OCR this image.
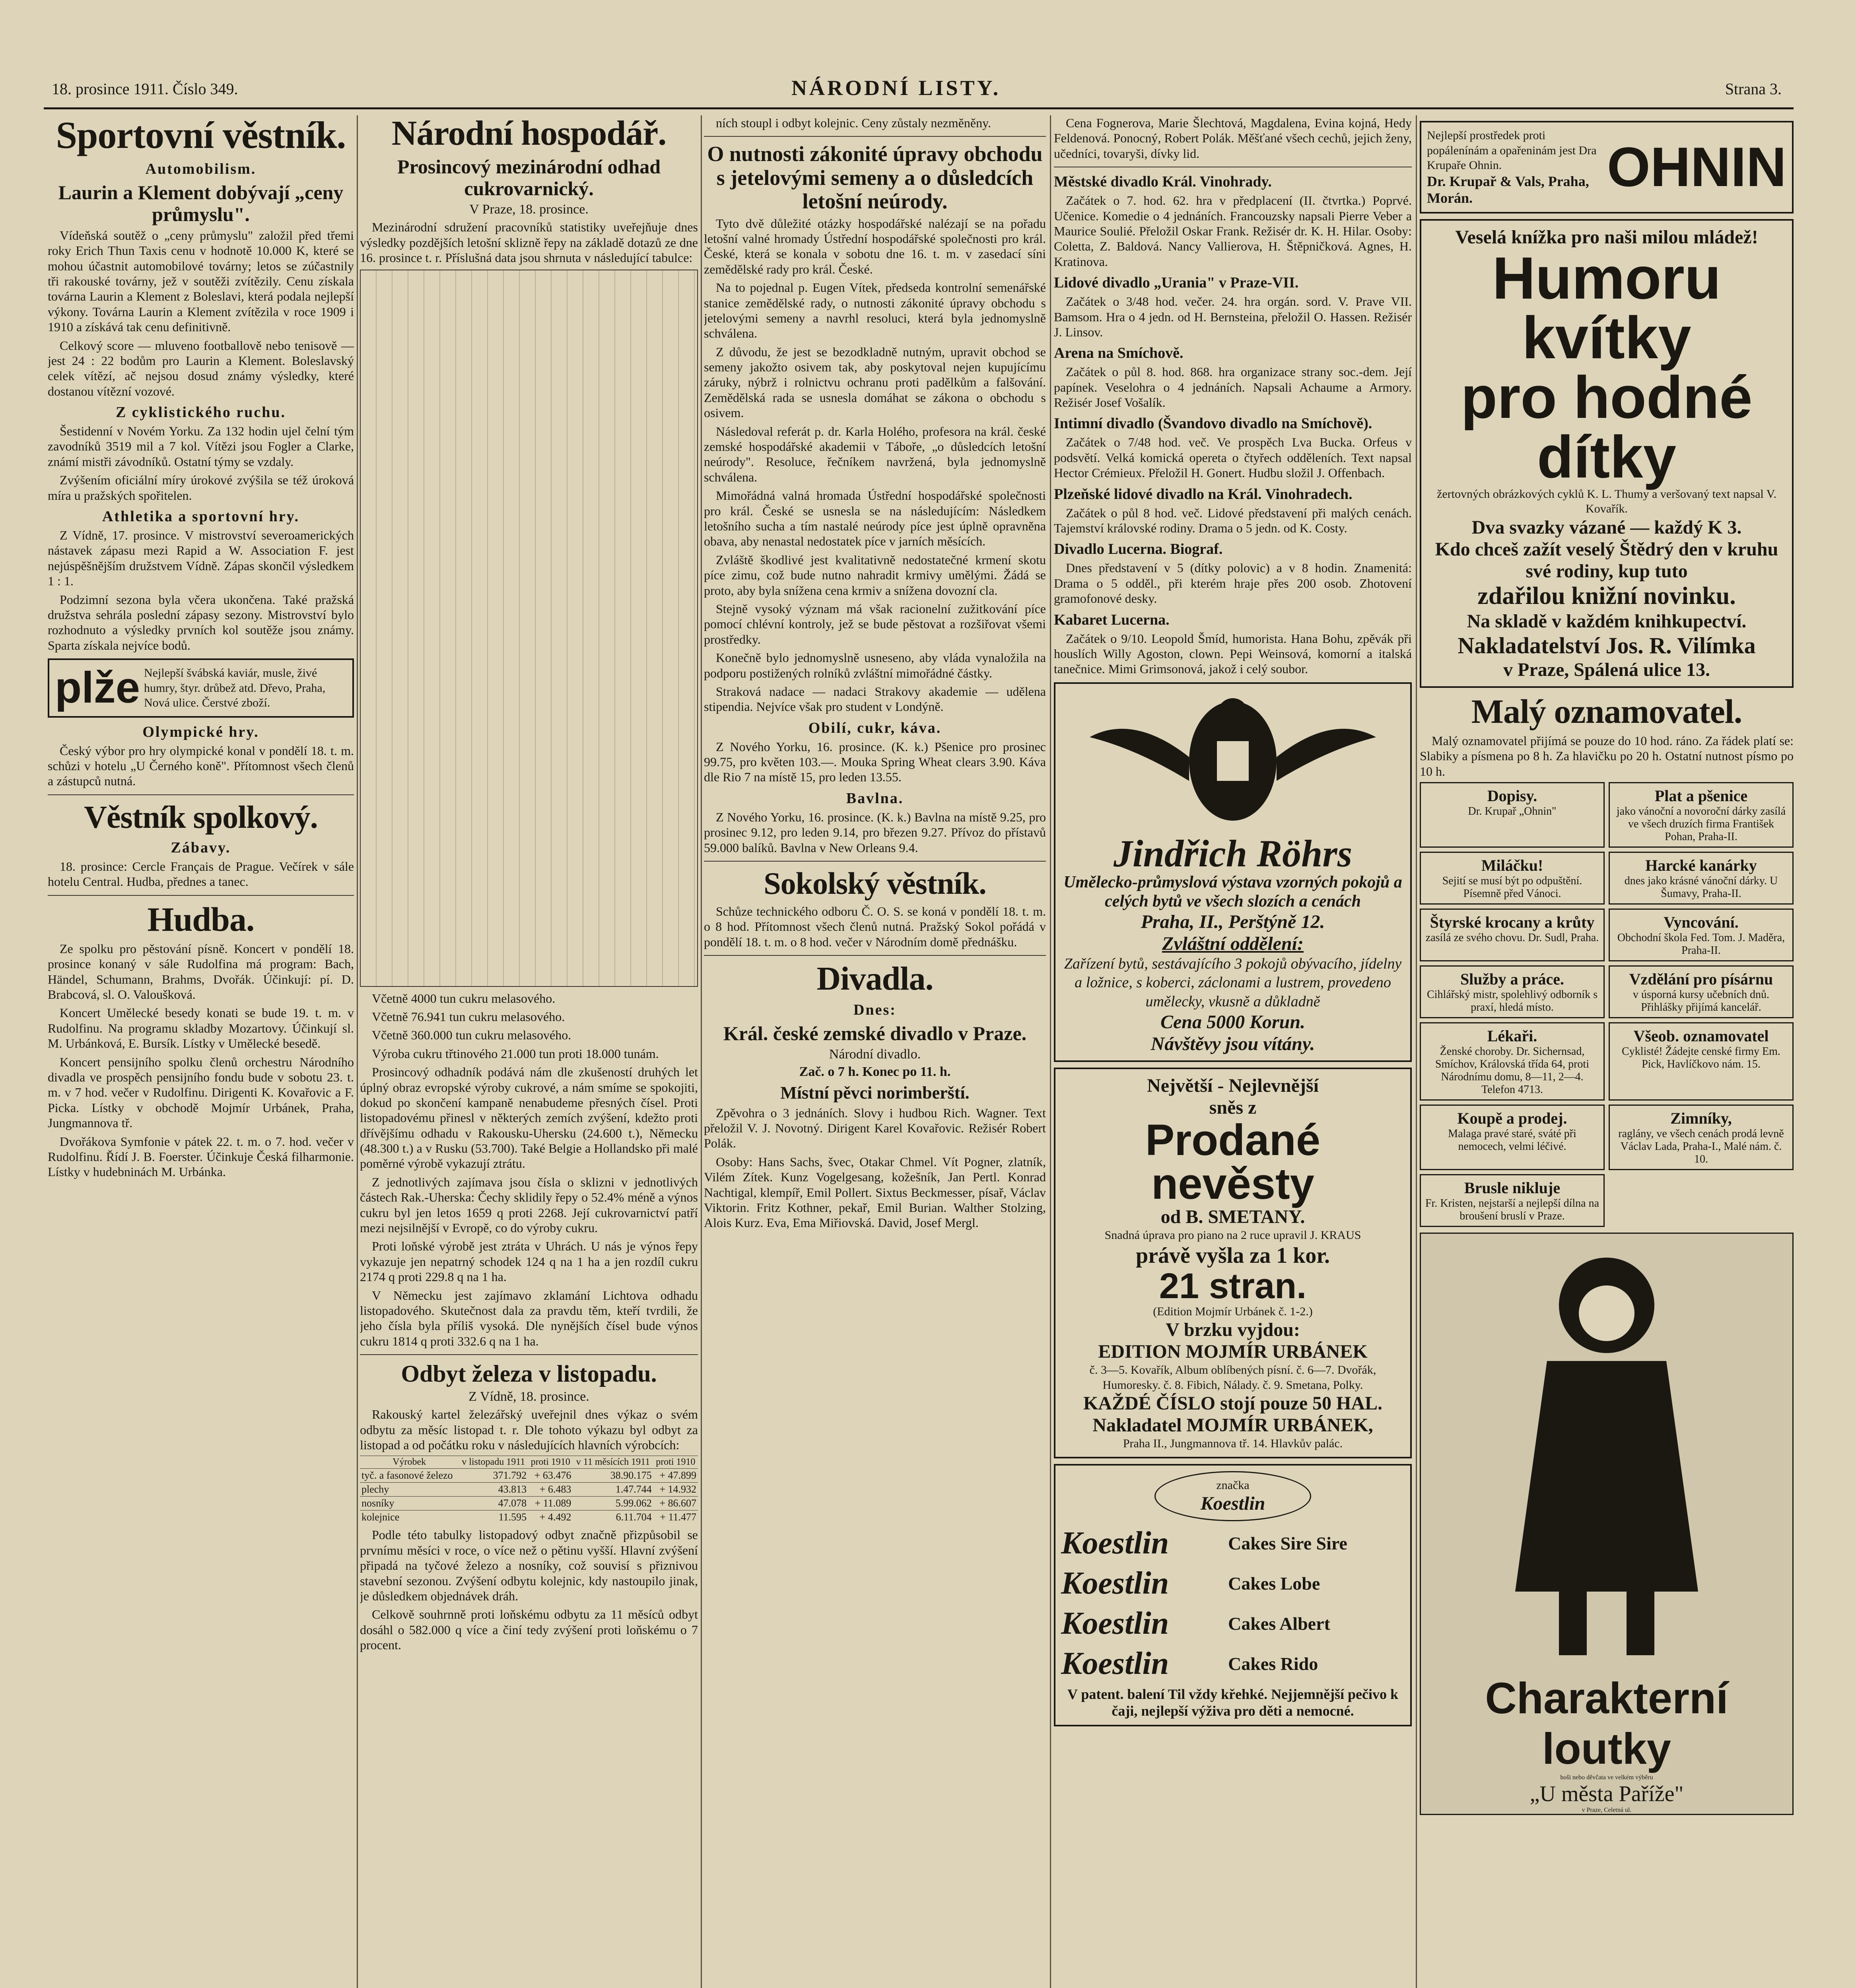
18. prosince 1911. Číslo 349.	NÁRODNÍ LISTY.	Strana 3.
Sportovní věstník.
Automobilism.
Laurin a Klement dobývají „ceny průmyslu".

Vídeňská soutěž o „ceny průmyslu" založil před třemi roky Erich Thun Taxis cenu v hodnotě 10.000 K, které se mohou účastnit automobilové továrny; letos se zúčastnily tři rakouské továrny, jež v soutěži zvítězily. Cenu získala továrna Laurin a Klement z Boleslavi, která podala nejlepší výkony. Továrna Laurin a Klement zvítězila v roce 1909 i 1910 a získává tak cenu definitivně.

Celkový score — mluveno footballově nebo tenisově — jest 24 : 22 bodům pro Laurin a Klement. Boleslavský celek vítězí, ač nejsou dosud známy výsledky, které dostanou vítězní vozové.

Z cyklistického ruchu.

Šestidenní v Novém Yorku. Za 132 hodin ujel čelní tým zavodníků 3519 mil a 7 kol. Vítězi jsou Fogler a Clarke, známí mistři závodníků. Ostatní týmy se vzdaly.

Zvýšením oficiální míry úrokové zvýšila se též úroková míra u pražských spořitelen.

Athletika a sportovní hry.

Z Vídně, 17. prosince. V mistrovství severoamerických nástavek zápasu mezi Rapid a W. Association F. jest nejúspěšnějším družstvem Vídně. Zápas skončil výsledkem 1 : 1.

Podzimní sezona byla včera ukončena. Také pražská družstva sehrála poslední zápasy sezony. Mistrovství bylo rozhodnuto a výsledky prvních kol soutěže jsou známy. Sparta získala nejvíce bodů.

plže Nejlepší švábská kaviár, musle, živé humry, štyr. drůbež atd. Dřevo, Praha, Nová ulice. Čerstvé zboží.
Olympické hry.

Český výbor pro hry olympické konal v pondělí 18. t. m. schůzi v hotelu „U Černého koně". Přítomnost všech členů a zástupců nutná.

Věstník spolkový.
Zábavy.

18. prosince: Cercle Français de Prague. Večírek v sále hotelu Central. Hudba, přednes a tanec.

Hudba.

Ze spolku pro pěstování písně. Koncert v pondělí 18. prosince konaný v sále Rudolfina má program: Bach, Händel, Schumann, Brahms, Dvořák. Účinkují: pí. D. Brabcová, sl. O. Valoušková.

Koncert Umělecké besedy konati se bude 19. t. m. v Rudolfinu. Na programu skladby Mozartovy. Účinkují sl. M. Urbánková, E. Bursík. Lístky v Umělecké besedě.

Koncert pensijního spolku členů orchestru Národního divadla ve prospěch pensijního fondu bude v sobotu 23. t. m. v 7 hod. večer v Rudolfinu. Dirigenti K. Kovařovic a F. Picka. Lístky v obchodě Mojmír Urbánek, Praha, Jungmannova tř.

Dvořákova Symfonie v pátek 22. t. m. o 7. hod. večer v Rudolfinu. Řídí J. B. Foerster. Účinkuje Česká filharmonie. Lístky v hudebninách M. Urbánka.

Národní hospodář.
Prosincový mezinárodní odhad cukrovarnický.
V Praze, 18. prosince.

Mezinárodní sdružení pracovníků statistiky uveřejňuje dnes výsledky pozdějších letošní sklizně řepy na základě dotazů ze dne 16. prosince t. r. Příslušná data jsou shrnuta v následující tabulce:

Včetně 4000 tun cukru melasového.

Včetně 76.941 tun cukru melasového.

Včetně 360.000 tun cukru melasového.

Výroba cukru třtinového 21.000 tun proti 18.000 tunám.

Prosincový odhadník podává nám dle zkušeností druhých let úplný obraz evropské výroby cukrové, a nám smíme se spokojiti, dokud po skončení kampaně nenabudeme přesných čísel. Proti listopadovému přinesl v některých zemích zvýšení, kdežto proti dřívějšímu odhadu v Rakousku-Uhersku (24.600 t.), Německu (48.300 t.) a v Rusku (53.700). Také Belgie a Hollandsko při malé poměrné výrobě vykazují ztrátu.

Z jednotlivých zajímava jsou čísla o sklizni v jednotlivých částech Rak.-Uherska: Čechy sklidily řepy o 52.4% méně a výnos cukru byl jen letos 1659 q proti 2268. Její cukrovarnictví patří mezi nejsilnější v Evropě, co do výroby cukru.

Proti loňské výrobě jest ztráta v Uhrách. U nás je výnos řepy vykazuje jen nepatrný schodek 124 q na 1 ha a jen rozdíl cukru 2174 q proti 229.8 q na 1 ha.

V Německu jest zajímavo zklamání Lichtova odhadu listopadového. Skutečnost dala za pravdu těm, kteří tvrdili, že jeho čísla byla příliš vysoká. Dle nynějších čísel bude výnos cukru 1814 q proti 332.6 q na 1 ha.

Odbyt železa v listopadu.
Z Vídně, 18. prosince.

Rakouský kartel železářský uveřejnil dnes výkaz o svém odbytu za měsíc listopad t. r. Dle tohoto výkazu byl odbyt za listopad a od počátku roku v následujících hlavních výrobcích:

Výrobek	v listopadu 1911	proti 1910	v 11 měsících 1911	proti 1910
tyč. a fasonové železo	371.792	+ 63.476	38.90.175	+ 47.899
plechy	43.813	+ 6.483	1.47.744	+ 14.932
nosníky	47.078	+ 11.089	5.99.062	+ 86.607
kolejnice	11.595	+ 4.492	6.11.704	+ 11.477

Podle této tabulky listopadový odbyt značně přizpůsobil se prvnímu měsíci v roce, o více než o pětinu vyšší. Hlavní zvýšení připadá na tyčové železo a nosníky, což souvisí s přiznivou stavební sezonou. Zvýšení odbytu kolejnic, kdy nastoupilo jinak, je důsledkem objednávek dráh.

Celkově souhrnně proti loňskému odbytu za 11 měsíců odbyt dosáhl o 582.000 q více a činí tedy zvýšení proti loňskému o 7 procent.

ních stoupl i odbyt kolejnic. Ceny zůstaly nezměněny.

O nutnosti zákonité úpravy obchodu s jetelovými semeny a o důsledcích letošní neúrody.

Tyto dvě důležité otázky hospodářské nalézají se na pořadu letošní valné hromady Ústřední hospodářské společnosti pro král. České, která se konala v sobotu dne 16. t. m. v zasedací síni zemědělské rady pro král. České.

Na to pojednal p. Eugen Vítek, předseda kontrolní semenářské stanice zemědělské rady, o nutnosti zákonité úpravy obchodu s jetelovými semeny a navrhl resoluci, která byla jednomyslně schválena.

Z důvodu, že jest se bezodkladně nutným, upravit obchod se semeny jakožto osivem tak, aby poskytoval nejen kupujícímu záruky, nýbrž i rolnictvu ochranu proti padělkům a falšování. Zemědělská rada se usnesla domáhat se zákona o obchodu s osivem.

Následoval referát p. dr. Karla Holého, profesora na král. české zemské hospodářské akademii v Táboře, „o důsledcích letošní neúrody". Resoluce, řečníkem navržená, byla jednomyslně schválena.

Mimořádná valná hromada Ústřední hospodářské společnosti pro král. České se usnesla se na následujícím: Následkem letošního sucha a tím nastalé neúrody píce jest úplně opravněna obava, aby nenastal nedostatek píce v jarních měsících.

Zvláště škodlivé jest kvalitativně nedostatečné krmení skotu píce zimu, což bude nutno nahradit krmivy umělými. Žádá se proto, aby byla snížena cena krmiv a snížena dovozní cla.

Stejně vysoký význam má však racionelní zužitkování píce pomocí chlévní kontroly, jež se bude pěstovat a rozšiřovat všemi prostředky.

Konečně bylo jednomyslně usneseno, aby vláda vynaložila na podporu postižených rolníků zvláštní mimořádné částky.

Straková nadace — nadaci Strakovy akademie — udělena stipendia. Nejvíce však pro student v Londýně.

Obilí, cukr, káva.

Z Nového Yorku, 16. prosince. (K. k.) Pšenice pro prosinec 99.75, pro květen 103.—. Mouka Spring Wheat clears 3.90. Káva dle Rio 7 na místě 15, pro leden 13.55.

Bavlna.

Z Nového Yorku, 16. prosince. (K. k.) Bavlna na místě 9.25, pro prosinec 9.12, pro leden 9.14, pro březen 9.27. Přívoz do přístavů 59.000 balíků. Bavlna v New Orleans 9.4.

Sokolský věstník.

Schůze technického odboru Č. O. S. se koná v pondělí 18. t. m. o 8 hod. Přítomnost všech členů nutná. Pražský Sokol pořádá v pondělí 18. t. m. o 8 hod. večer v Národním domě přednášku.

Divadla.
Dnes:
Král. české zemské divadlo v Praze.
Národní divadlo.
Zač. o 7 h. Konec po 11. h.
Místní pěvci norimberští.

Zpěvohra o 3 jednáních. Slovy i hudbou Rich. Wagner. Text přeložil V. J. Novotný. Dirigent Karel Kovařovic. Režisér Robert Polák.

Osoby: Hans Sachs, švec, Otakar Chmel. Vít Pogner, zlatník, Vilém Zítek. Kunz Vogelgesang, kožešník, Jan Pertl. Konrad Nachtigal, klempíř, Emil Pollert. Sixtus Beckmesser, písař, Václav Viktorin. Fritz Kothner, pekař, Emil Burian. Walther Stolzing, Alois Kurz. Eva, Ema Miřiovská. David, Josef Mergl.

Cena Fognerova, Marie Šlechtová, Magdalena, Evina kojná, Hedy Feldenová. Ponocný, Robert Polák. Měšťané všech cechů, jejich ženy, učedníci, tovaryši, dívky lid.

Městské divadlo Král. Vinohrady.

Začátek o 7. hod. 62. hra v předplacení (II. čtvrtka.) Poprvé. Učenice. Komedie o 4 jednáních. Francouzsky napsali Pierre Veber a Maurice Soulié. Přeložil Oskar Frank. Režisér dr. K. H. Hilar. Osoby: Coletta, Z. Baldová. Nancy Vallierova, H. Štěpničková. Agnes, H. Kratinova.

Lidové divadlo „Urania" v Praze-VII.

Začátek o 3/48 hod. večer. 24. hra orgán. sord. V. Prave VII. Bamsom. Hra o 4 jedn. od H. Bernsteina, přeložil O. Hassen. Režisér J. Linsov.

Arena na Smíchově.

Začátek o půl 8. hod. 868. hra organizace strany soc.-dem. Její papínek. Veselohra o 4 jednáních. Napsali Achaume a Armory. Režisér Josef Vošalík.

Intimní divadlo (Švandovo divadlo na Smíchově).

Začátek o 7/48 hod. več. Ve prospěch Lva Bucka. Orfeus v podsvětí. Velká komická opereta o čtyřech odděleních. Text napsal Hector Crémieux. Přeložil H. Gonert. Hudbu složil J. Offenbach.

Plzeňské lidové divadlo na Král. Vinohradech.

Začátek o půl 8 hod. več. Lidové představení při malých cenách. Tajemství královské rodiny. Drama o 5 jedn. od K. Costy.

Divadlo Lucerna. Biograf.

Dnes představení v 5 (dítky polovic) a v 8 hodin. Znamenitá: Drama o 5 odděl., při kterém hraje přes 200 osob. Zhotovení gramofonové desky.

Kabaret Lucerna.

Začátek o 9/10. Leopold Šmíd, humorista. Hana Bohu, zpěvák při houslích Willy Agoston, clown. Pepi Weinsová, komorní a italská tanečnice. Mimi Grimsonová, jakož i celý soubor.

Jindřich Röhrs
Umělecko-průmyslová výstava vzorných pokojů a celých bytů ve všech slozích a cenách
Praha, II., Perštýně 12.
Zvláštní oddělení:
Zařízení bytů, sestávajícího 3 pokojů obývacího, jídelny a ložnice, s koberci, záclonami a lustrem, provedeno umělecky, vkusně a důkladně
Cena 5000 Korun.
Návštěvy jsou vítány.
Největší - Nejlevnější
sněs z
Prodané nevěsty
od B. SMETANY.
Snadná úprava pro piano na 2 ruce upravil J. KRAUS
právě vyšla za 1 kor.
21 stran.
(Edition Mojmír Urbánek č. 1-2.)
V brzku vyjdou:
EDITION MOJMÍR URBÁNEK
č. 3—5. Kovařík, Album oblíbených písní. č. 6—7. Dvořák, Humoresky. č. 8. Fibich, Nálady. č. 9. Smetana, Polky.
KAŽDÉ ČÍSLO stojí pouze 50 HAL.
Nakladatel MOJMÍR URBÁNEK,
Praha II., Jungmannova tř. 14. Hlavkův palác.
značka
Koestlin
Koestlin	Cakes Sire Sire
Koestlin	Cakes Lobe
Koestlin	Cakes Albert
Koestlin	Cakes Rido
V patent. balení Til vždy křehké. Nejjemnější pečivo k čaji, nejlepší výživa pro děti a nemocné.
Nejlepší prostředek proti popálenínám a opařeninám jest Dra Krupaře Ohnin.
Dr. Krupař & Vals, Praha, Morán.	OHNIN
Veselá knížka pro naši milou mládež!
Humoru kvítky
pro hodné dítky
žertovných obrázkových cyklů K. L. Thumy a veršovaný text napsal V. Kovařík.
Dva svazky vázané — každý K 3.
Kdo chceš zažít veselý Štědrý den v kruhu své rodiny, kup tuto
zdařilou knižní novinku.
Na skladě v každém knihkupectví.
Nakladatelství Jos. R. Vilímka
v Praze, Spálená ulice 13.
Malý oznamovatel.

Malý oznamovatel přijímá se pouze do 10 hod. ráno. Za řádek platí se: Slabiky a písmena po 8 h. Za hlavičku po 20 h. Ostatní nutnost písmo po 10 h.

Dopisy.
Dr. Krupař „Ohnin"
Plat a pšenice
jako vánoční a novoroční dárky zasílá ve všech druzích firma František Pohan, Praha-II.
Miláčku!
Sejití se musí být po odpuštění. Písemně před Vánoci.
Harcké kanárky
dnes jako krásné vánoční dárky. U Šumavy, Praha-II.
Štyrské krocany a krůty
zasílá ze svého chovu. Dr. Sudl, Praha.
Vyncování.
Obchodní škola Fed. Tom. J. Maděra, Praha-II.
Služby a práce.
Cihlářský mistr, spolehlivý odborník s praxí, hledá místo.
Vzdělání pro písárnu
v úsporná kursy učebních dnů. Přihlášky přijímá kancelář.
Lékaři.
Ženské choroby. Dr. Sichernsad, Smíchov, Královská třída 64, proti Národnímu domu, 8—11, 2—4. Telefon 4713.
Všeob. oznamovatel
Cyklisté! Žádejte censké firmy Em. Pick, Havlíčkovo nám. 15.
Koupě a prodej.
Malaga pravé staré, sváté při nemocech, velmi léčivé.
Zimníky,
raglány, ve všech cenách prodá levně Václav Lada, Praha-I., Malé nám. č. 10.
Brusle nikluje
Fr. Kristen, nejstarší a nejlepší dílna na broušení bruslí v Praze.
Charakterní loutky
hoši nebo děvčata ve velkém výběru
„U města Paříže"
v Praze, Celetná ul.
